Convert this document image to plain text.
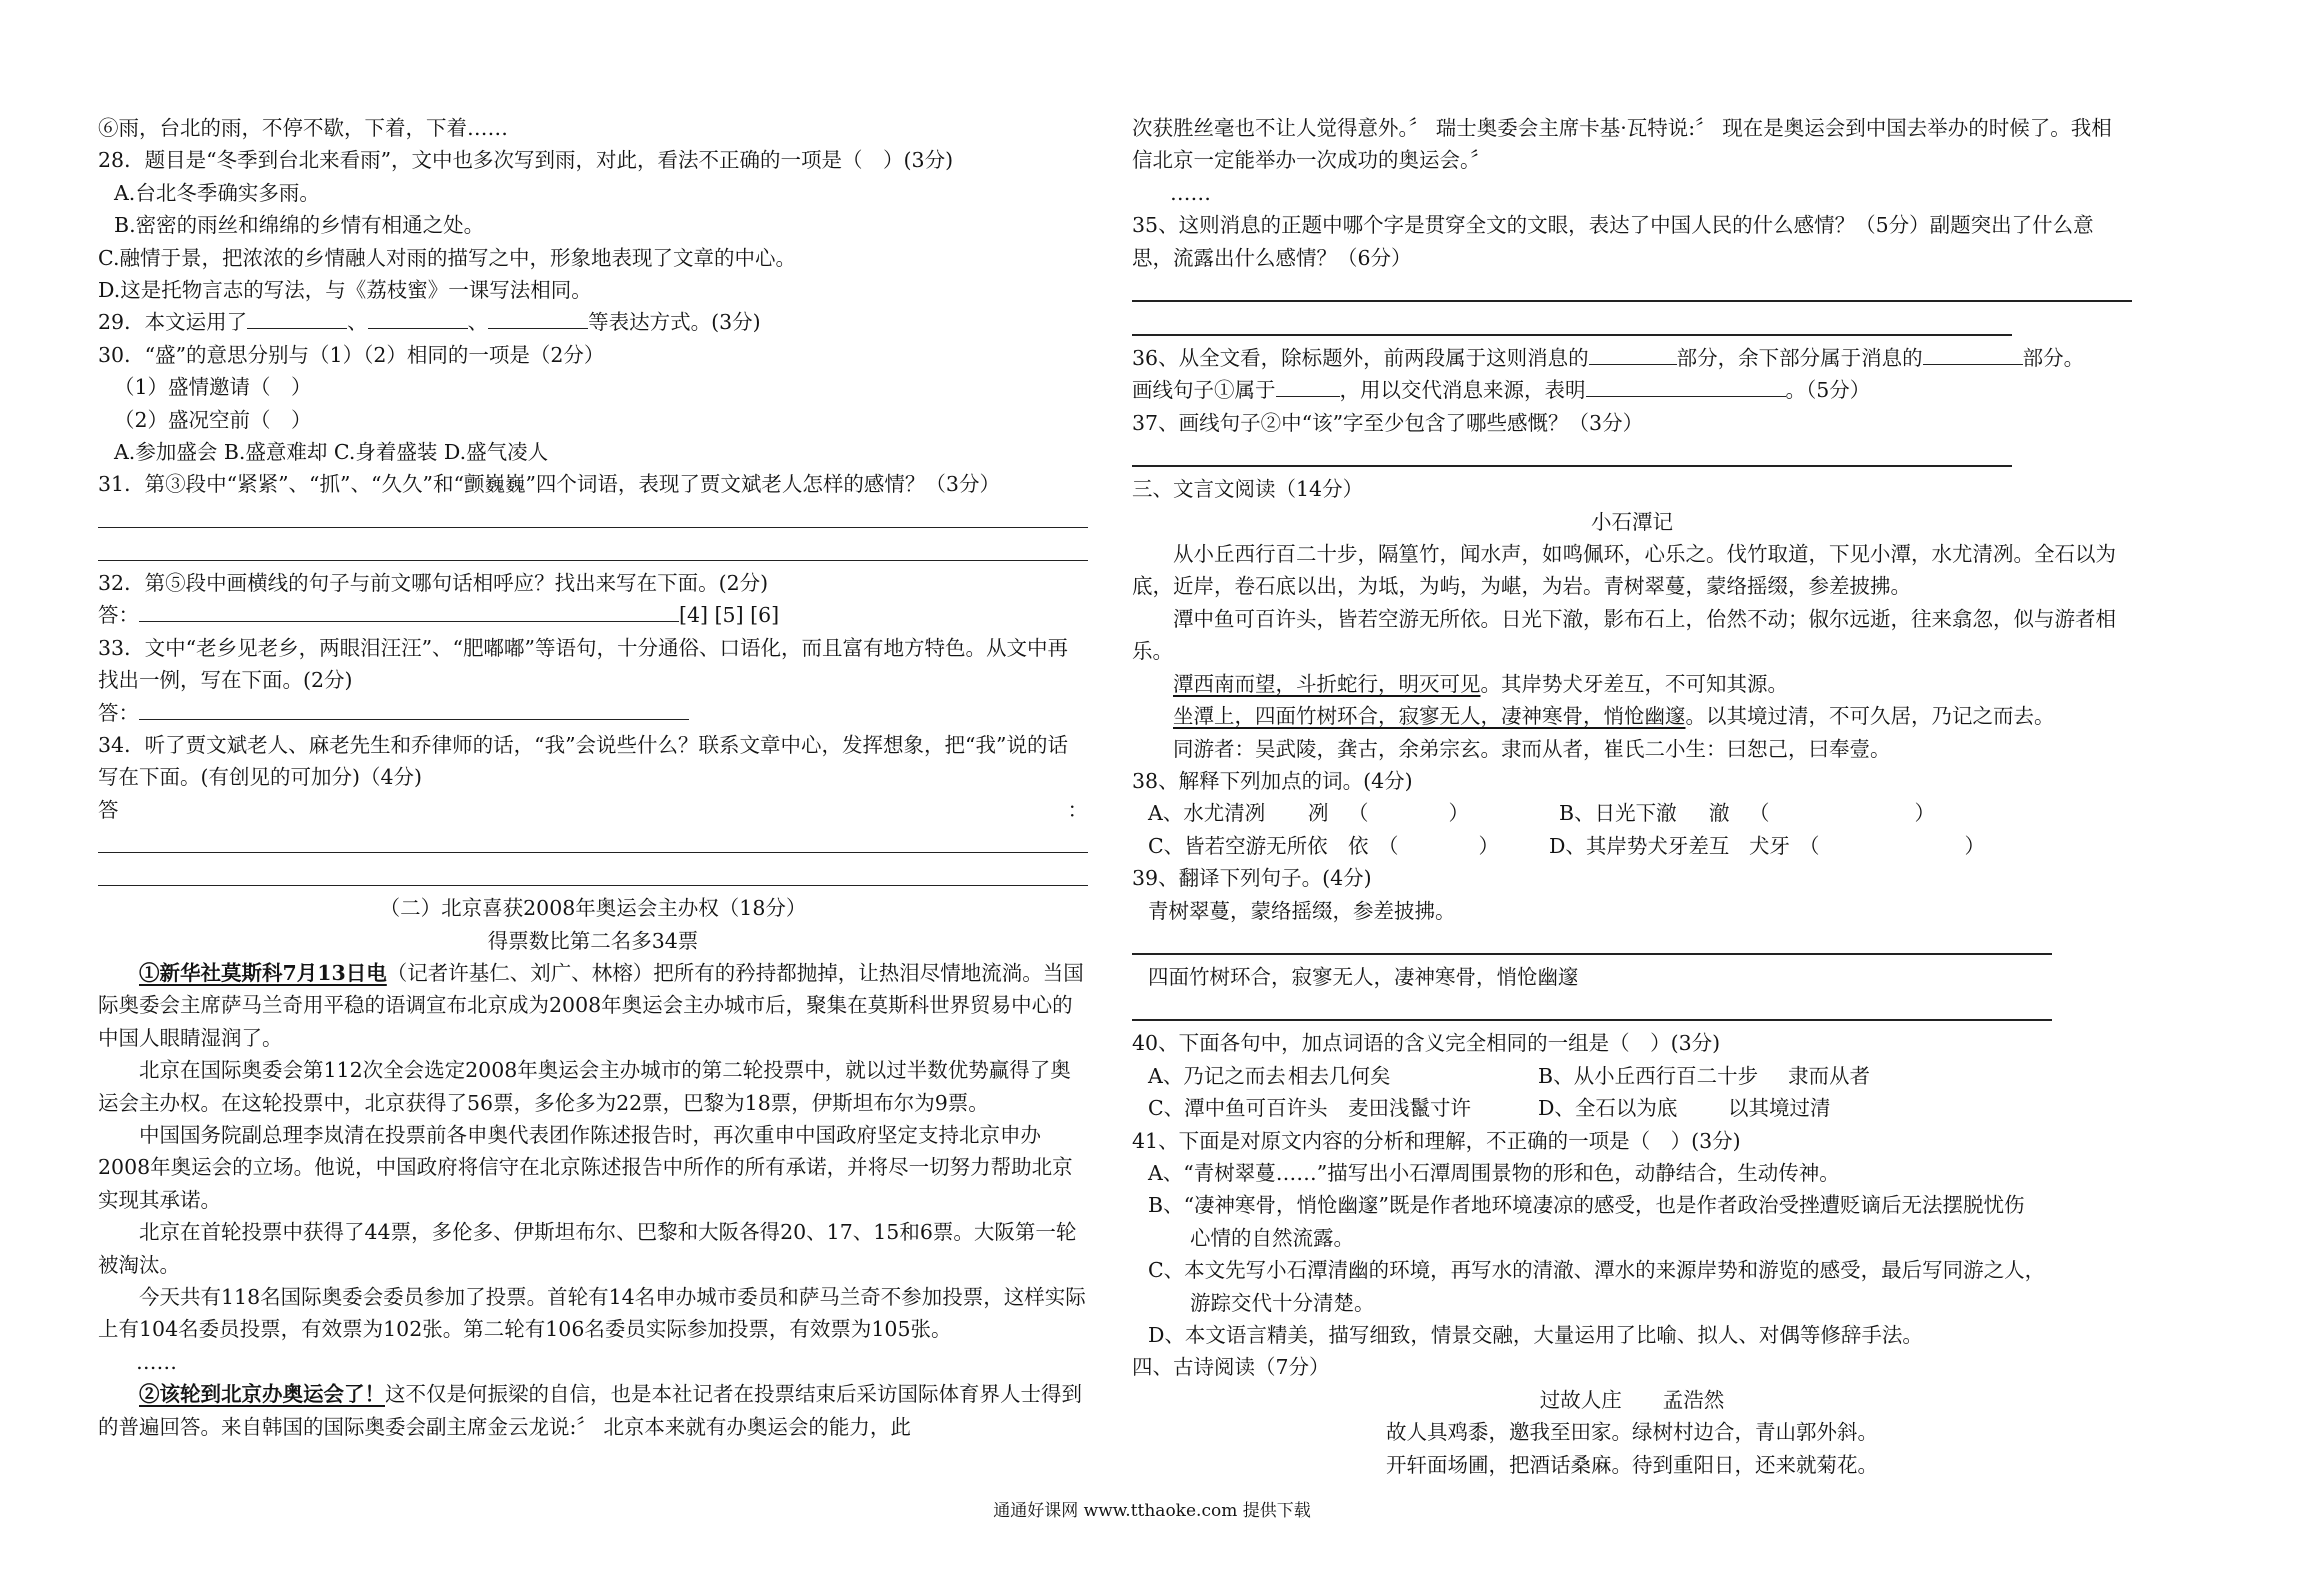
⑥雨，台北的雨，不停不歇，下着，下着……
28．题目是“冬季到台北来看雨”，文中也多次写到雨，对此，看法不正确的一项是（　）(3分)
A.台北冬季确实多雨。
B.密密的雨丝和绵绵的乡情有相通之处。
C.融情于景，把浓浓的乡情融人对雨的描写之中，形象地表现了文章的中心。
D.这是托物言志的写法，与《荔枝蜜》一课写法相同。
29．本文运用了	、	、	等表达方式。(3分)
30．“盛”的意思分别与（1）（2）相同的一项是（2分）
（1）盛情邀请（　）
（2）盛况空前（　）
A.参加盛会 B.盛意难却 C.身着盛装 D.盛气凌人
31．第③段中“紧紧”、“抓”、“久久”和“颤巍巍”四个词语，表现了贾文斌老人怎样的感情？（3分）
32．第⑤段中画横线的句子与前文哪句话相呼应？找出来写在下面。(2分)
答：	[4] [5] [6]
33．文中“老乡见老乡，两眼泪汪汪”、“肥嘟嘟”等语句，十分通俗、口语化，而且富有地方特色。从文中再找出一例，写在下面。(2分)
答：
34．听了贾文斌老人、麻老先生和乔律师的话，“我”会说些什么？联系文章中心，发挥想象，把“我”说的话写在下面。(有创见的可加分)（4分)
答	：
（二）北京喜获2008年奥运会主办权（18分）
得票数比第二名多34票
①新华社莫斯科7月13日电（记者许基仁、刘广、林榕）把所有的矜持都抛掉，让热泪尽情地流淌。当国际奥委会主席萨马兰奇用平稳的语调宣布北京成为2008年奥运会主办城市后，聚集在莫斯科世界贸易中心的中国人眼睛湿润了。
北京在国际奥委会第112次全会选定2008年奥运会主办城市的第二轮投票中，就以过半数优势赢得了奥运会主办权。在这轮投票中，北京获得了56票，多伦多为22票，巴黎为18票，伊斯坦布尔为9票。
中国国务院副总理李岚清在投票前各申奥代表团作陈述报告时，再次重申中国政府坚定支持北京申办2008年奥运会的立场。他说，中国政府将信守在北京陈述报告中所作的所有承诺，并将尽一切努力帮助北京实现其承诺。
北京在首轮投票中获得了44票，多伦多、伊斯坦布尔、巴黎和大阪各得20、17、15和6票。大阪第一轮被淘汰。
今天共有118名国际奥委会委员参加了投票。首轮有14名申办城市委员和萨马兰奇不参加投票，这样实际上有104名委员投票，有效票为102张。第二轮有106名委员实际参加投票，有效票为105张。
……
②该轮到北京办奥运会了！这不仅是何振梁的自信，也是本社记者在投票结束后采访国际体育界人士得到的普遍回答。来自韩国的国际奥委会副主席金云龙说:〞 北京本来就有办奥运会的能力，此
次获胜丝毫也不让人觉得意外。〞 瑞士奥委会主席卡基·瓦特说:〞 现在是奥运会到中国去举办的时候了。我相信北京一定能举办一次成功的奥运会。〞
……
35、这则消息的正题中哪个字是贯穿全文的文眼，表达了中国人民的什么感情？（5分）副题突出了什么意思，流露出什么感情？（6分）
36、从全文看，除标题外，前两段属于这则消息的	部分，余下部分属于消息的	部分。
画线句子①属于	，用以交代消息来源，表明	。（5分）
37、画线句子②中“该”字至少包含了哪些感慨？（3分）
三、文言文阅读（14分）
小石潭记
从小丘西行百二十步，隔篁竹，闻水声，如鸣佩环，心乐之。伐竹取道，下见小潭，水尤清冽。全石以为底，近岸，卷石底以出，为坻，为屿，为嵁，为岩。青树翠蔓，蒙络摇缀，参差披拂。
潭中鱼可百许头，皆若空游无所依。日光下澈，影布石上，佁然不动；俶尔远逝，往来翕忽，似与游者相乐。
潭西南而望，斗折蛇行，明灭可见。其岸势犬牙差互，不可知其源。
坐潭上，四面竹树环合，寂寥无人，凄神寒骨，悄怆幽邃。以其境过清，不可久居，乃记之而去。
同游者：吴武陵，龚古，余弟宗玄。隶而从者，崔氏二小生：曰恕己，曰奉壹。
38、解释下列加点的词。(4分)
A、水尤清冽 冽 （	）	B、日光下澈 澈 （	）
C、皆若空游无所依 依 （	） D、其岸势犬牙差互 犬牙 （	）
39、翻译下列句子。(4分)
青树翠蔓，蒙络摇缀，参差披拂。
四面竹树环合，寂寥无人，凄神寒骨，悄怆幽邃
40、下面各句中，加点词语的含义完全相同的一组是（　）(3分)
A、乃记之而去 相去几何矣	B、从小丘西行百二十步 隶而从者
C、潭中鱼可百许头 麦田浅鬣寸许	D、全石以为底 以其境过清
41、下面是对原文内容的分析和理解，不正确的一项是（　）(3分)
A、“青树翠蔓……”描写出小石潭周围景物的形和色，动静结合，生动传神。
B、“凄神寒骨，悄怆幽邃”既是作者地环境凄凉的感受，也是作者政治受挫遭贬谪后无法摆脱忧伤
心情的自然流露。
C、本文先写小石潭清幽的环境，再写水的清澈、潭水的来源岸势和游览的感受，最后写同游之人，
游踪交代十分清楚。
D、本文语言精美，描写细致，情景交融，大量运用了比喻、拟人、对偶等修辞手法。
四、古诗阅读（7分）
过故人庄　　孟浩然
故人具鸡黍，邀我至田家。绿树村边合，青山郭外斜。
开轩面场圃，把酒话桑麻。待到重阳日，还来就菊花。
通通好课网 www.tthaoke.com 提供下载
